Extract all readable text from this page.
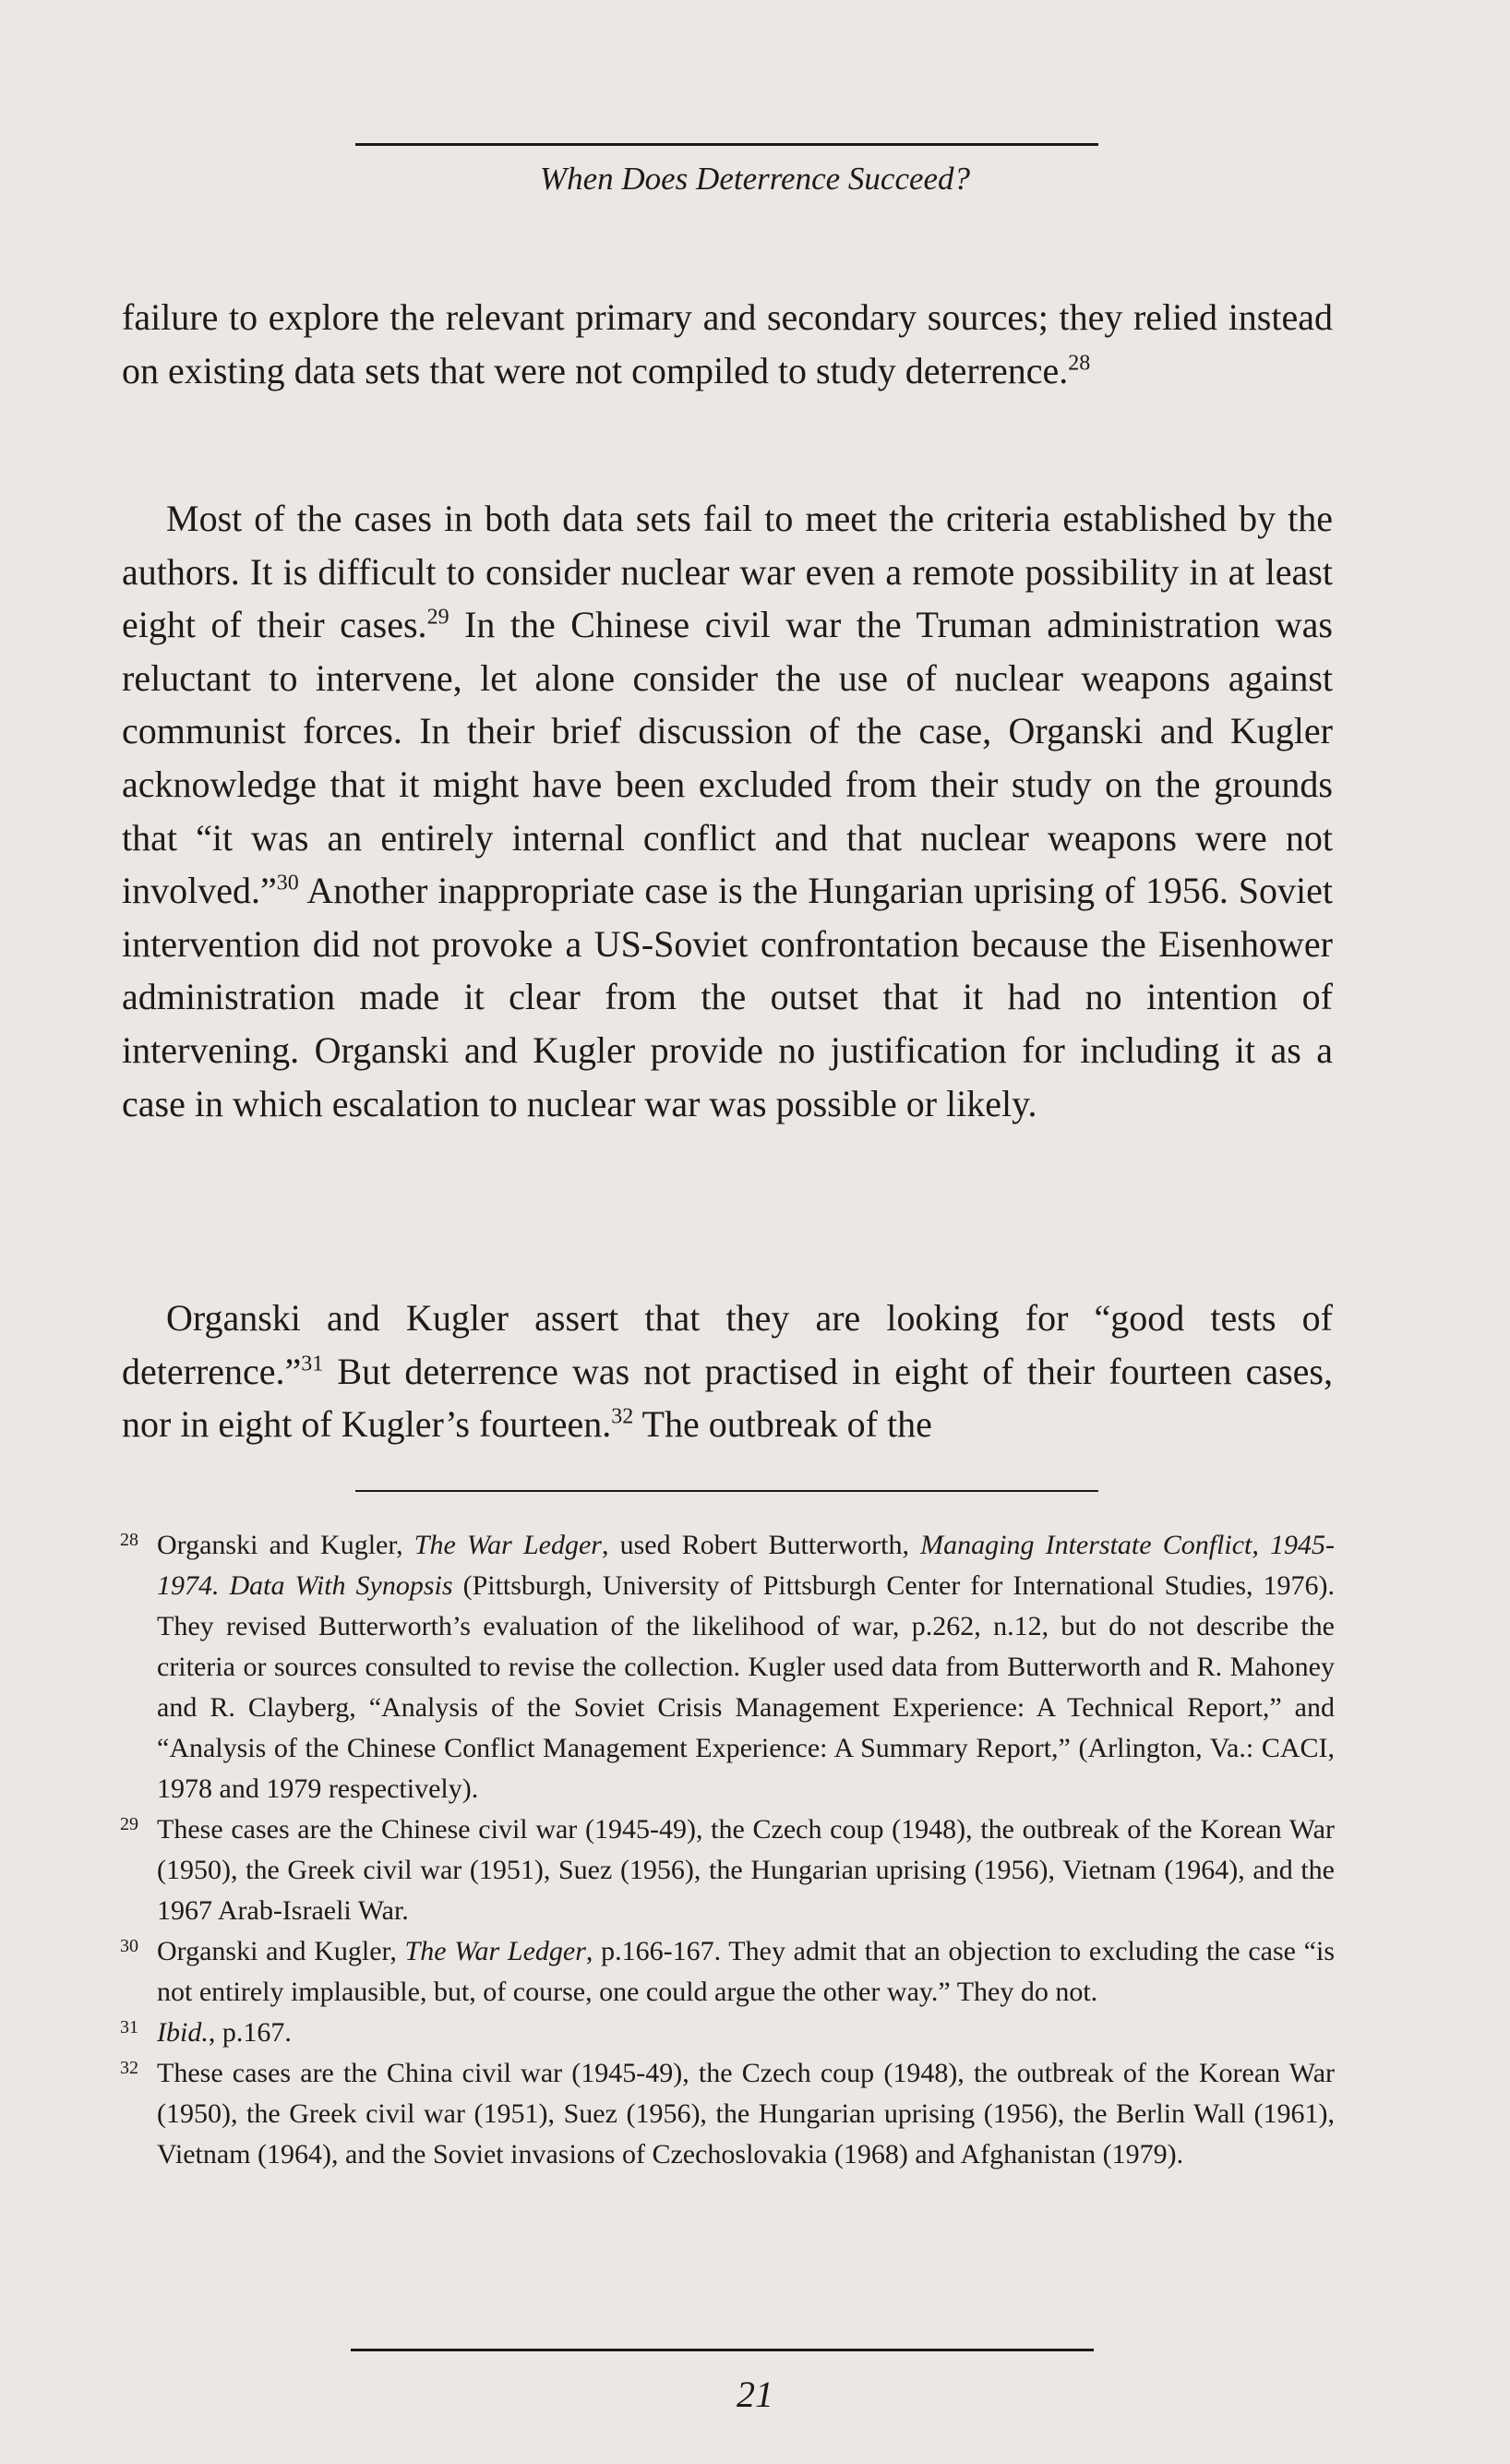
When Does Deterrence Succeed?

failure to explore the relevant primary and secondary sources; they relied instead on existing data sets that were not compiled to study deterrence.$^{28}$

Most of the cases in both data sets fail to meet the criteria established by the authors. It is difficult to consider nuclear war even a remote possibility in at least eight of their cases.$^{29}$ In the Chinese civil war the Truman administration was reluctant to intervene, let alone consider the use of nuclear weapons against communist forces. In their brief discussion of the case, Organski and Kugler acknowledge that it might have been excluded from their study on the grounds that “it was an entirely internal conflict and that nuclear weapons were not involved.”$^{30}$ Another inappropriate case is the Hungarian uprising of 1956. Soviet intervention did not provoke a US-Soviet confrontation because the Eisenhower administration made it clear from the outset that it had no intention of intervening. Organski and Kugler provide no justification for including it as a case in which escalation to nuclear war was possible or likely.

Organski and Kugler assert that they are looking for “good tests of deterrence.”$^{31}$ But deterrence was not practised in eight of their fourteen cases, nor in eight of Kugler’s fourteen.$^{32}$ The outbreak of the

28 Organski and Kugler, The War Ledger, used Robert Butterworth, Managing Interstate Conflict, 1945-1974. Data With Synopsis (Pittsburgh, University of Pittsburgh Center for International Studies, 1976). They revised Butterworth’s evaluation of the likelihood of war, p.262, n.12, but do not describe the criteria or sources consulted to revise the collection. Kugler used data from Butterworth and R. Mahoney and R. Clayberg, “Analysis of the Soviet Crisis Management Experience: A Technical Report,” and “Analysis of the Chinese Conflict Management Experience: A Summary Report,” (Arlington, Va.: CACI, 1978 and 1979 respectively).
29 These cases are the Chinese civil war (1945-49), the Czech coup (1948), the outbreak of the Korean War (1950), the Greek civil war (1951), Suez (1956), the Hungarian uprising (1956), Vietnam (1964), and the 1967 Arab-Israeli War.
30 Organski and Kugler, The War Ledger, p.166-167. They admit that an objection to excluding the case “is not entirely implausible, but, of course, one could argue the other way.” They do not.
31 Ibid., p.167.
32 These cases are the China civil war (1945-49), the Czech coup (1948), the outbreak of the Korean War (1950), the Greek civil war (1951), Suez (1956), the Hungarian uprising (1956), the Berlin Wall (1961), Vietnam (1964), and the Soviet invasions of Czechoslovakia (1968) and Afghanistan (1979).
21
